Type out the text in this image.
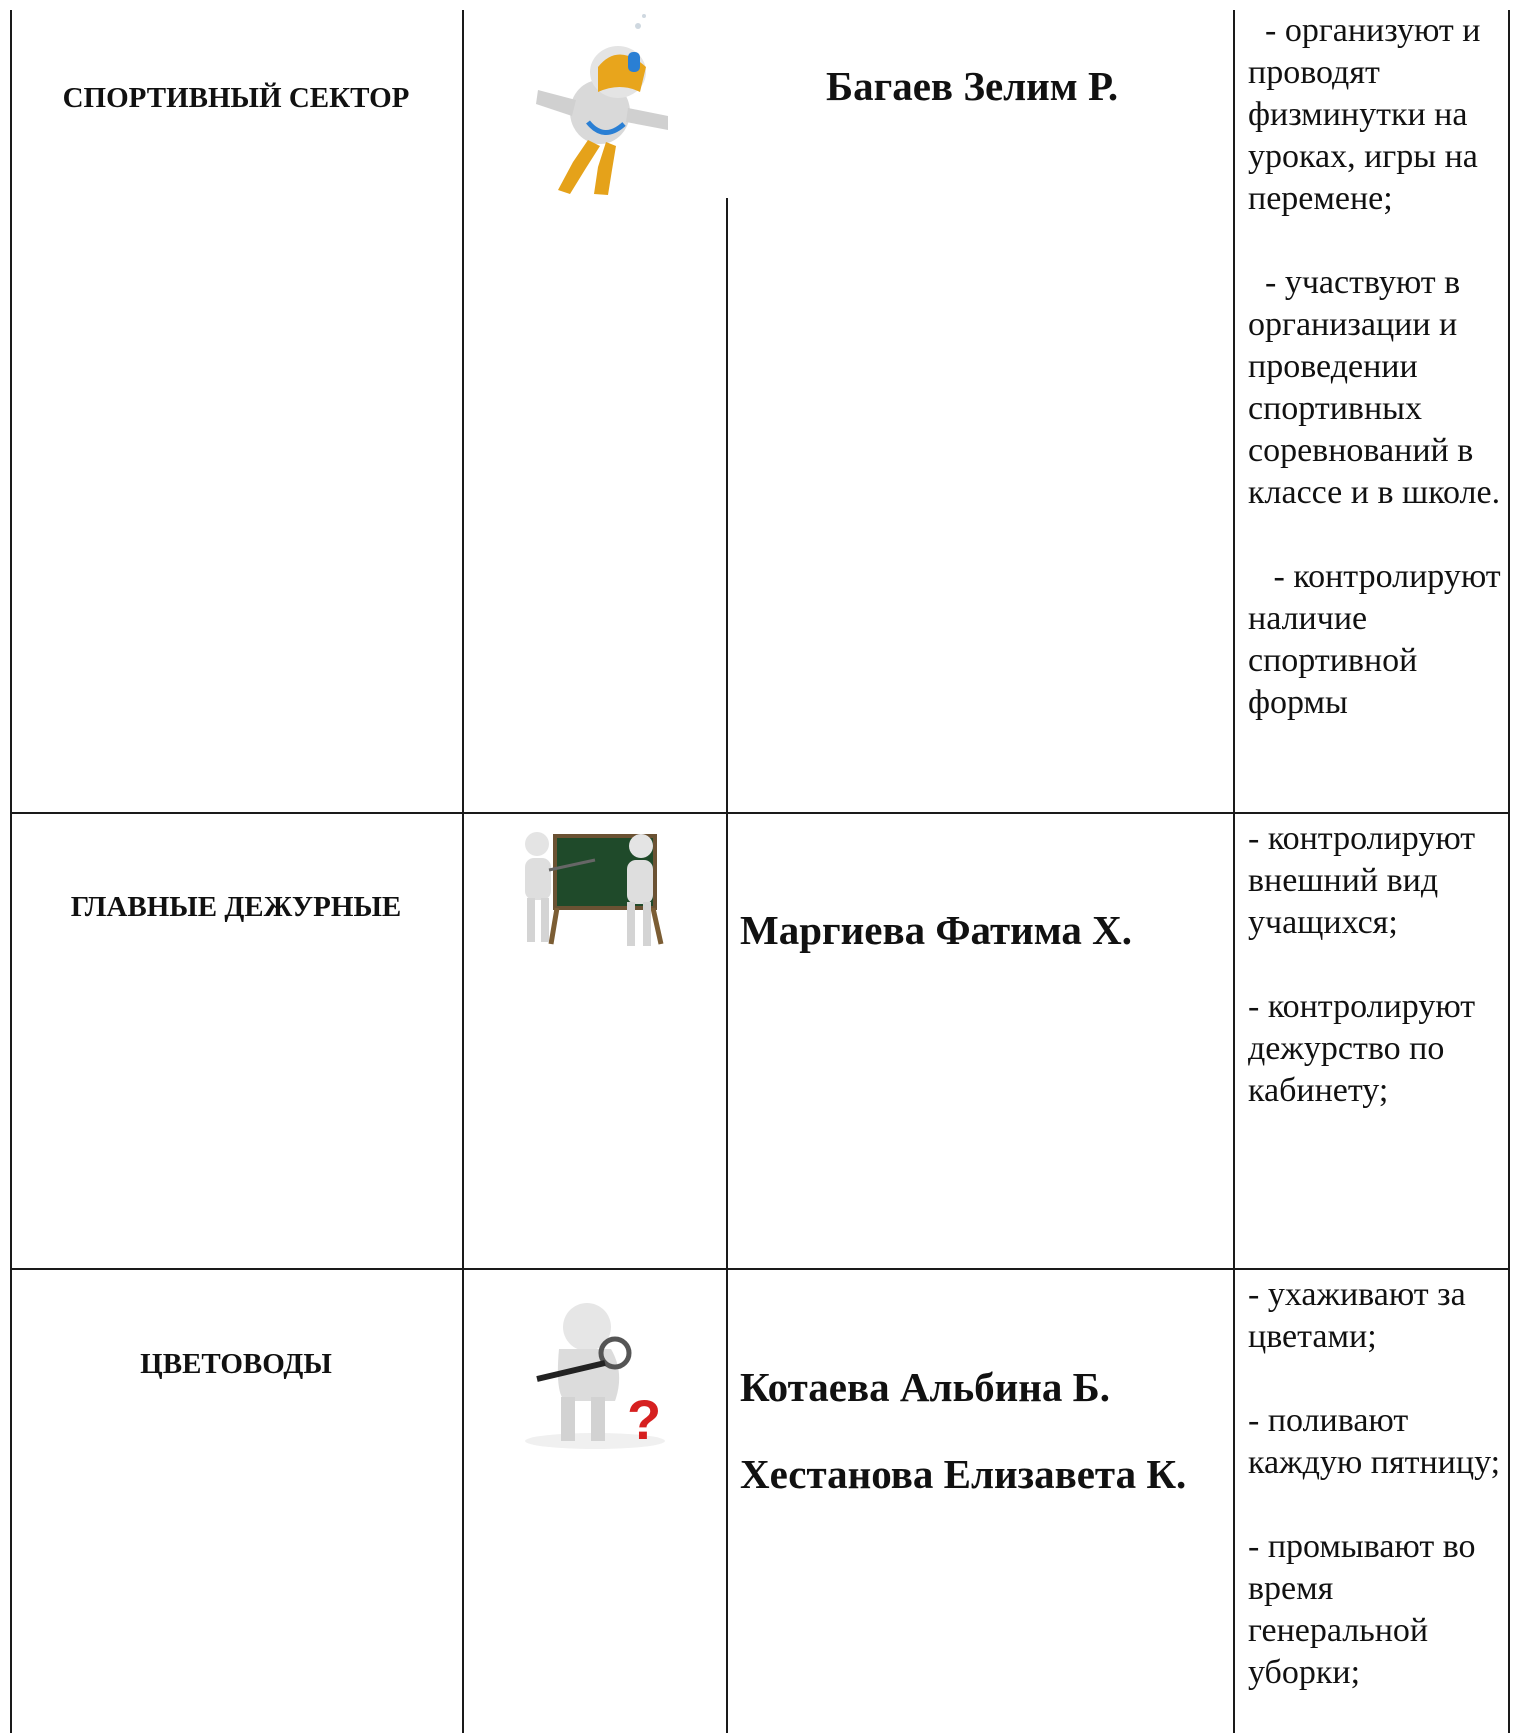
СПОРТИВНЫЙ СЕКТОР	Багаев Зелим Р.

- организуют и проводят физминутки на уроках, игры на перемене;

- участвуют в организации и проведении спортивных соревнований в классе и в школе.

- контролируют наличие спортивной формы

ГЛАВНЫЕ ДЕЖУРНЫЕ	Маргиева Фатима Х.

- контролируют внешний вид учащихся;

- контролируют дежурство по кабинету;

ЦВЕТОВОДЫ
?
Котаева Альбина Б.
Хестанова Елизавета К.

- ухаживают за цветами;

- поливают каждую пятницу;

- промывают во время генеральной уборки;
